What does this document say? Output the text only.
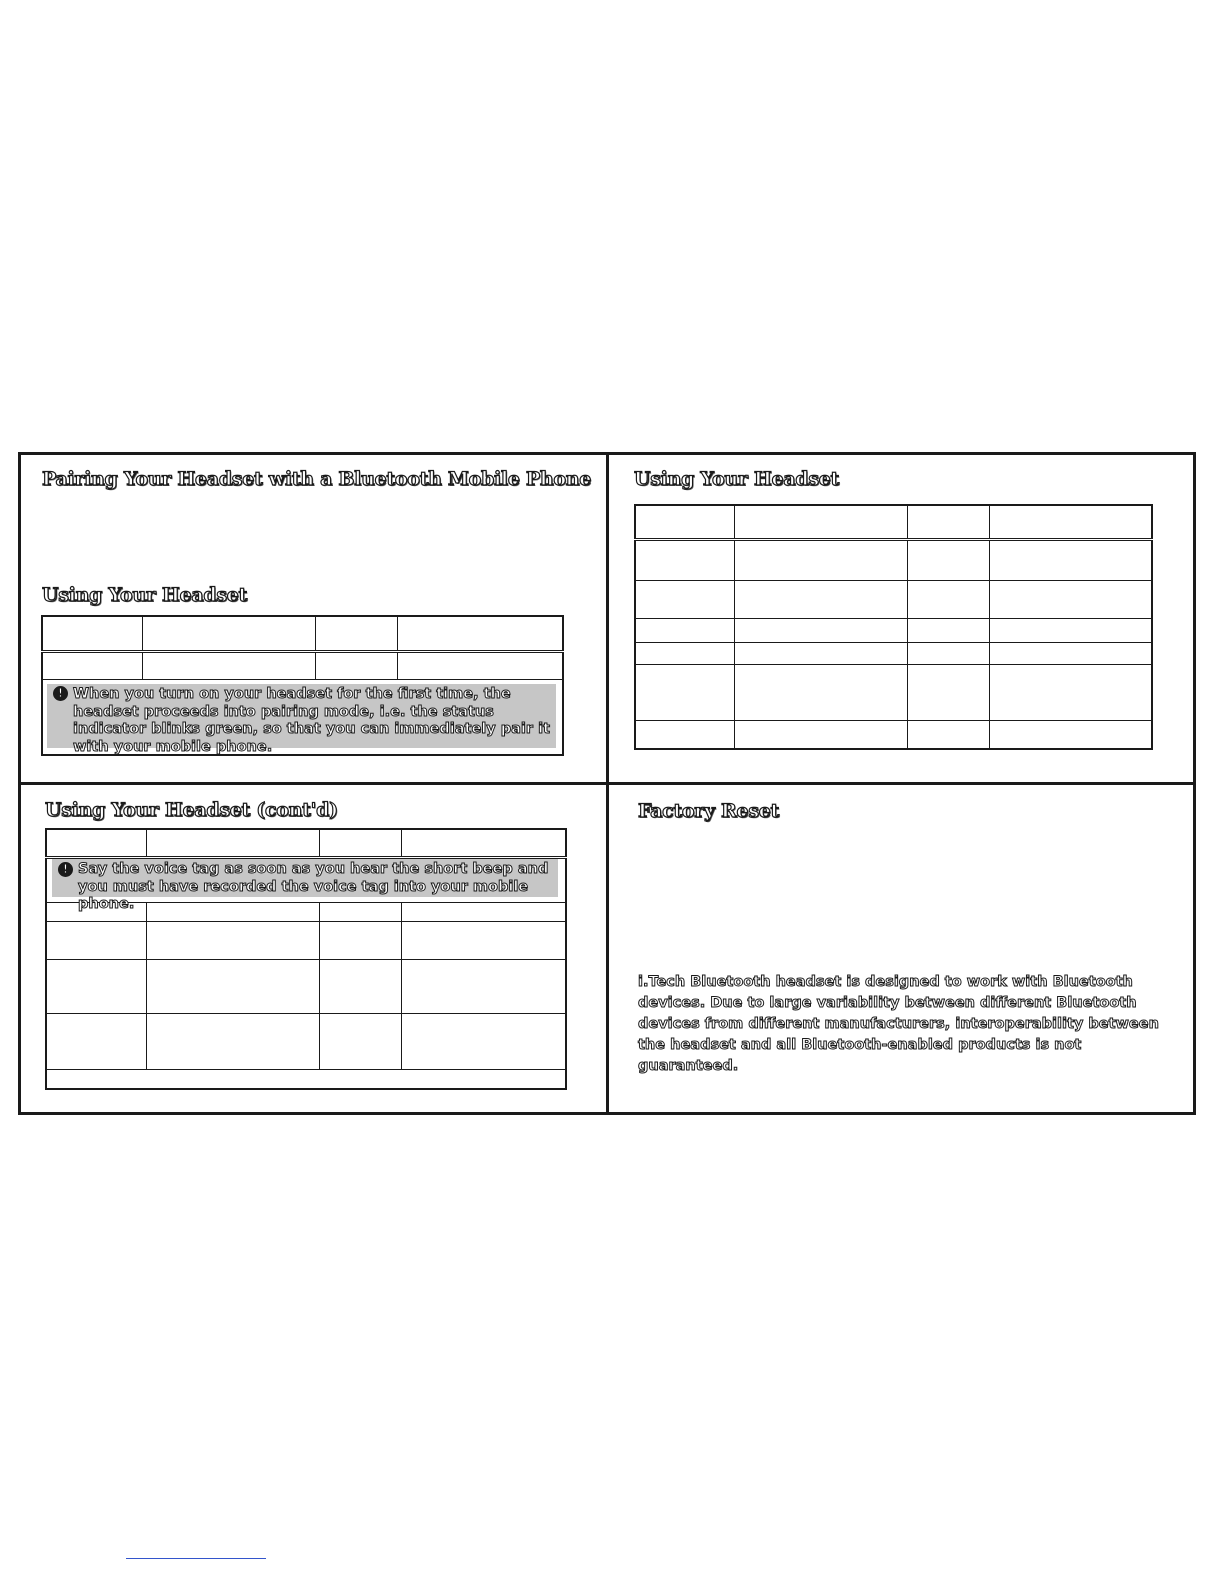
Pairing Your Headset with a Bluetooth Mobile Phone
Using Your Headset

! When you turn on your headset for the first time, the headset proceeds into pairing mode, i.e. the status indicator blinks green, so that you can immediately pair it with your mobile phone.
Using Your Headset

Using Your Headset (cont'd)

! Say the voice tag as soon as you hear the short beep and you must have recorded the voice tag into your mobile phone.
Factory Reset

i.Tech Bluetooth headset is designed to work with Bluetooth devices. Due to large variability between different Bluetooth devices from different manufacturers, interoperability between the headset and all Bluetooth-enabled products is not guaranteed.
